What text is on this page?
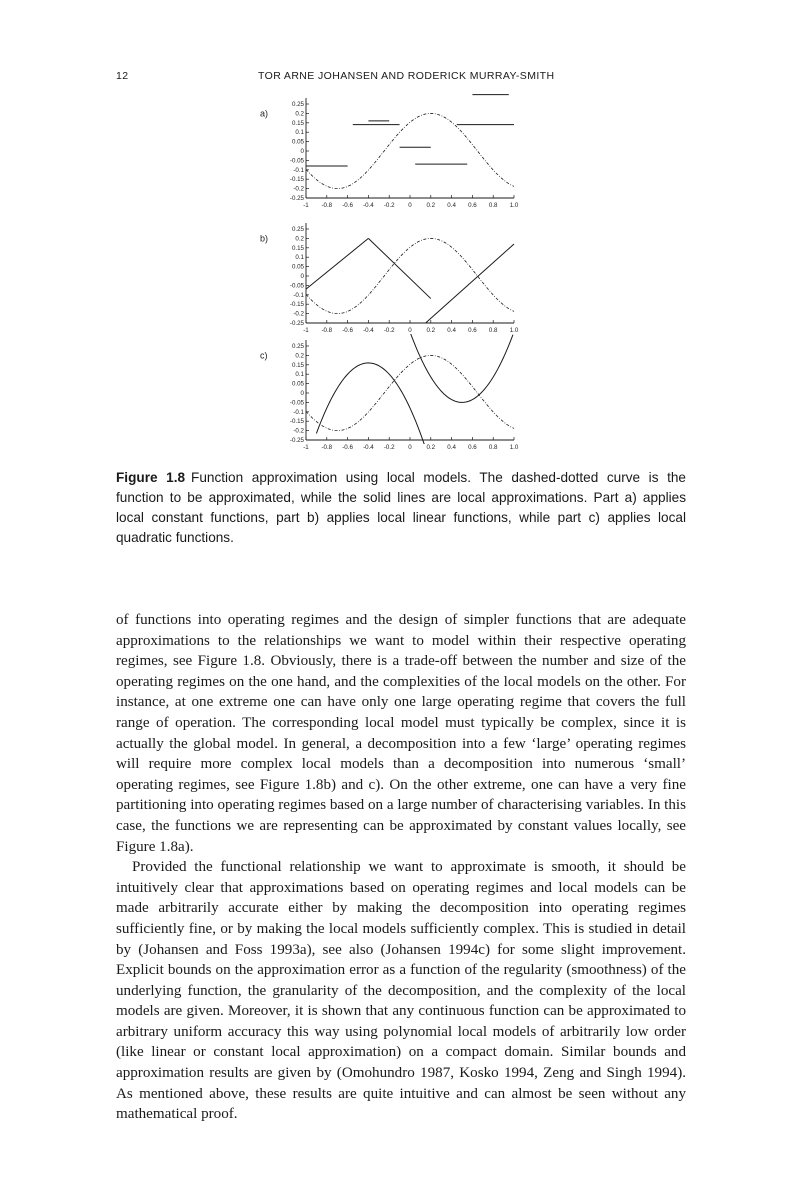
12	TOR ARNE JOHANSEN AND RODERICK MURRAY-SMITH
0.25
0.2
0.15
0.1
0.05
0
-0.05
-0.1
-0.15
-0.2
-0.25
-1 -0.8 -0.6 -0.4 -0.2 0 0.2 0.4 0.6 0.8 1.0
a)
0.25
0.2
0.15
0.1
0.05
0
-0.05
-0.1
-0.15
-0.2
-0.25
-1 -0.8 -0.6 -0.4 -0.2 0 0.2 0.4 0.6 0.8 1.0
b)
0.25
0.2
0.15
0.1
0.05
0
-0.05
-0.1
-0.15
-0.2
-0.25
-1 -0.8 -0.6 -0.4 -0.2 0 0.2 0.4 0.6 0.8 1.0
c)
Figure 1.8 Function approximation using local models. The dashed-dotted curve is the function to be approximated, while the solid lines are local approximations. Part a) applies local constant functions, part b) applies local linear functions, while part c) applies local quadratic functions.

of functions into operating regimes and the design of simpler functions that are adequate approximations to the relationships we want to model within their respective operating regimes, see Figure 1.8. Obviously, there is a trade-off between the number and size of the operating regimes on the one hand, and the complexities of the local models on the other. For instance, at one extreme one can have only one large operating regime that covers the full range of operation. The corresponding local model must typically be complex, since it is actually the global model. In general, a decomposition into a few ‘large’ operating regimes will require more complex local models than a decomposition into numerous ‘small’ operating regimes, see Figure 1.8b) and c). On the other extreme, one can have a very fine partitioning into operating regimes based on a large number of characterising variables. In this case, the functions we are representing can be approximated by constant values locally, see Figure 1.8a).

Provided the functional relationship we want to approximate is smooth, it should be intuitively clear that approximations based on operating regimes and local models can be made arbitrarily accurate either by making the decomposition into operating regimes sufficiently fine, or by making the local models sufficiently complex. This is studied in detail by (Johansen and Foss 1993a), see also (Johansen 1994c) for some slight improvement. Explicit bounds on the approximation error as a function of the regularity (smoothness) of the underlying function, the granularity of the decomposition, and the complexity of the local models are given. Moreover, it is shown that any continuous function can be approximated to arbitrary uniform accuracy this way using polynomial local models of arbitrarily low order (like linear or constant local approximation) on a compact domain. Similar bounds and approximation results are given by (Omohundro 1987, Kosko 1994, Zeng and Singh 1994). As mentioned above, these results are quite intuitive and can almost be seen without any mathematical proof.
